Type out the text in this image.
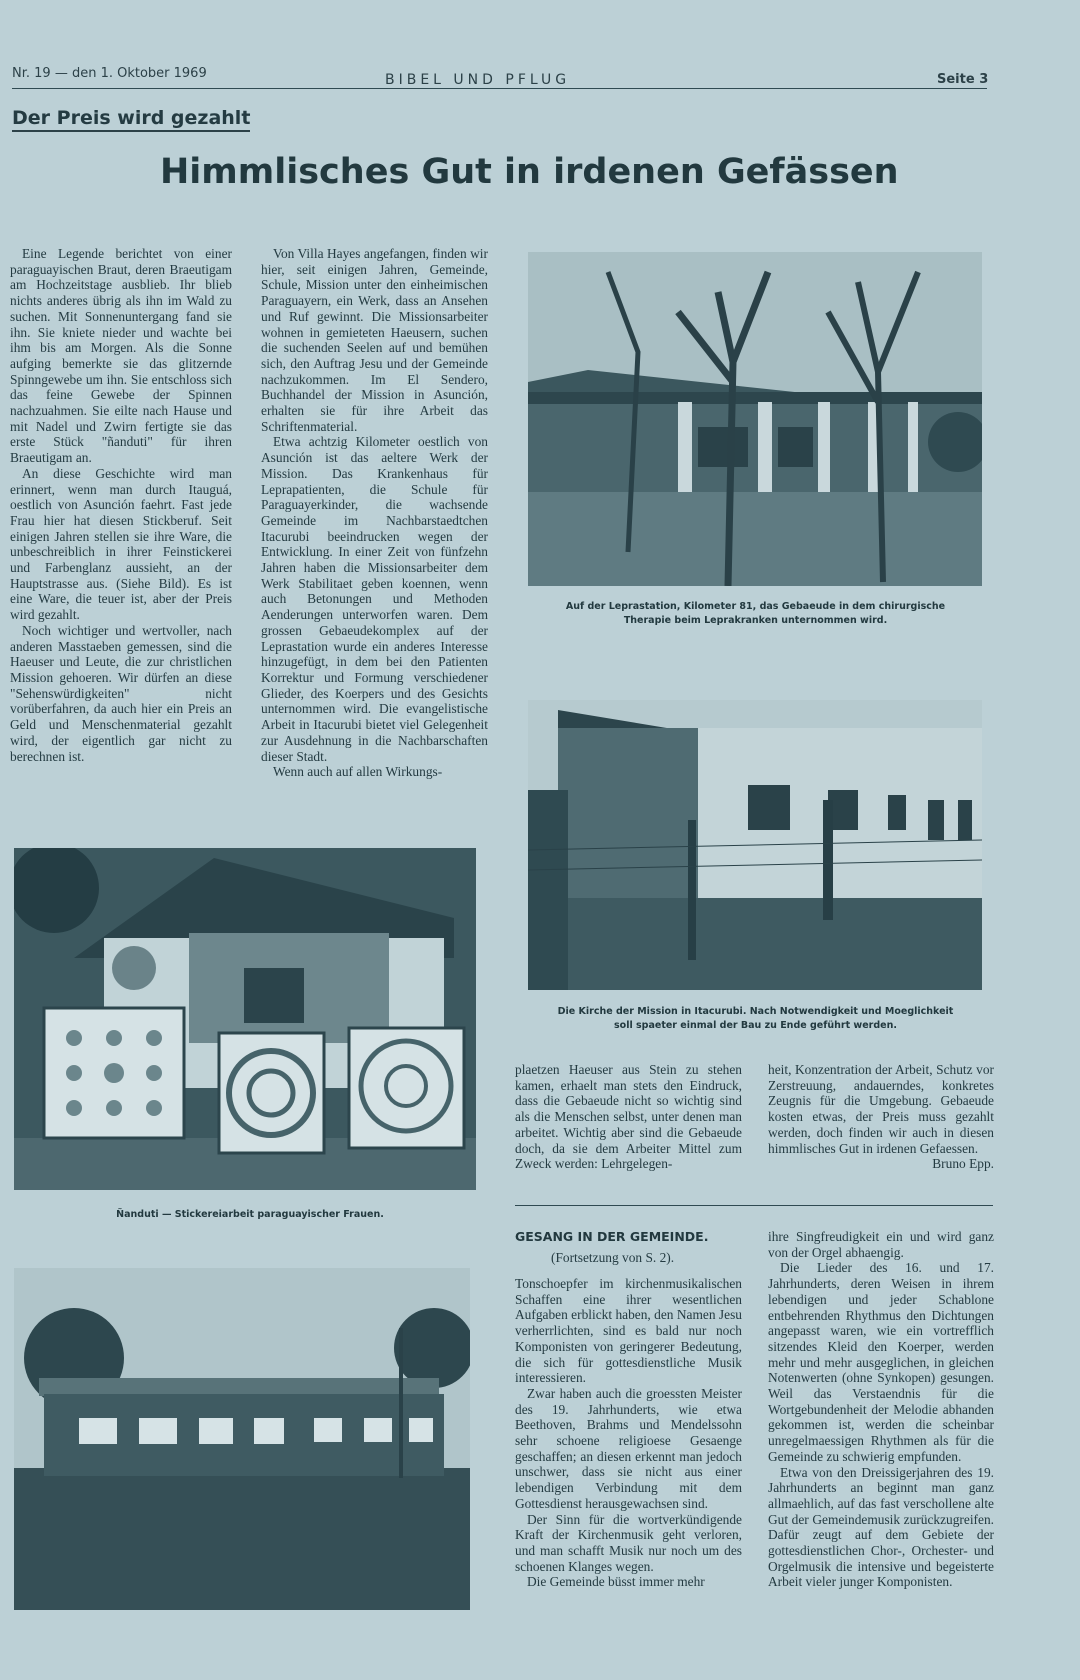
Nr. 19 — den 1. Oktober 1969	BIBEL UND PFLUG	Seite 3
Der Preis wird gezahlt
Himmlisches Gut in irdenen Gefässen

Eine Legende berichtet von einer paraguayischen Braut, deren Braeutigam am Hochzeitstage ausblieb. Ihr blieb nichts anderes übrig als ihn im Wald zu suchen. Mit Sonnenuntergang fand sie ihn. Sie kniete nieder und wachte bei ihm bis am Morgen. Als die Sonne aufging bemerkte sie das glitzernde Spinngewebe um ihn. Sie entschloss sich das feine Gewebe der Spinnen nachzuahmen. Sie eilte nach Hause und mit Nadel und Zwirn fertigte sie das erste Stück "ñanduti" für ihren Braeutigam an.

An diese Geschichte wird man erinnert, wenn man durch Itauguá, oestlich von Asunción faehrt. Fast jede Frau hier hat diesen Stickberuf. Seit einigen Jahren stellen sie ihre Ware, die unbeschreiblich in ihrer Feinstickerei und Farbenglanz aussieht, an der Hauptstrasse aus. (Siehe Bild). Es ist eine Ware, die teuer ist, aber der Preis wird gezahlt.

Noch wichtiger und wertvoller, nach anderen Masstaeben gemessen, sind die Haeuser und Leute, die zur christlichen Mission gehoeren. Wir dürfen an diese "Sehenswürdigkeiten" nicht vorüberfahren, da auch hier ein Preis an Geld und Menschenmaterial gezahlt wird, der eigentlich gar nicht zu berechnen ist.

Von Villa Hayes angefangen, finden wir hier, seit einigen Jahren, Gemeinde, Schule, Mission unter den einheimischen Paraguayern, ein Werk, dass an Ansehen und Ruf gewinnt. Die Missionsarbeiter wohnen in gemieteten Haeusern, suchen die suchenden Seelen auf und bemühen sich, den Auftrag Jesu und der Gemeinde nachzukommen. Im El Sendero, Buchhandel der Mission in Asunción, erhalten sie für ihre Arbeit das Schriftenmaterial.

Etwa achtzig Kilometer oestlich von Asunción ist das aeltere Werk der Mission. Das Krankenhaus für Leprapatienten, die Schule für Paraguayerkinder, die wachsende Gemeinde im Nachbarstaedtchen Itacurubi beeindrucken wegen der Entwicklung. In einer Zeit von fünfzehn Jahren haben die Missionsarbeiter dem Werk Stabilitaet geben koennen, wenn auch Betonungen und Methoden Aenderungen unterworfen waren. Dem grossen Gebaeudekomplex auf der Leprastation wurde ein anderes Interesse hinzugefügt, in dem bei den Patienten Korrektur und Formung verschiedener Glieder, des Koerpers und des Gesichts unternommen wird. Die evangelistische Arbeit in Itacurubi bietet viel Gelegenheit zur Ausdehnung in die Nachbarschaften dieser Stadt.

Wenn auch auf allen Wirkungs-

Auf der Leprastation, Kilometer 81, das Gebaeude in dem chirurgische Therapie beim Leprakranken unternommen wird.
Die Kirche der Mission in Itacurubi. Nach Notwendigkeit und Moeglichkeit soll spaeter einmal der Bau zu Ende geführt werden.
Ñanduti — Stickereiarbeit paraguayischer Frauen.

plaetzen Haeuser aus Stein zu stehen kamen, erhaelt man stets den Eindruck, dass die Gebaeude nicht so wichtig sind als die Menschen selbst, unter denen man arbeitet. Wichtig aber sind die Gebaeude doch, da sie dem Arbeiter Mittel zum Zweck werden: Lehrgelegen-

heit, Konzentration der Arbeit, Schutz vor Zerstreuung, andauerndes, konkretes Zeugnis für die Umgebung. Gebaeude kosten etwas, der Preis muss gezahlt werden, doch finden wir auch in diesen himmlisches Gut in irdenen Gefaessen.

Bruno Epp.
GESANG IN DER GEMEINDE.
(Fortsetzung von S. 2).

Tonschoepfer im kirchenmusikalischen Schaffen eine ihrer wesentlichen Aufgaben erblickt haben, den Namen Jesu verherrlichten, sind es bald nur noch Komponisten von geringerer Bedeutung, die sich für gottesdienstliche Musik interessieren.

Zwar haben auch die groessten Meister des 19. Jahrhunderts, wie etwa Beethoven, Brahms und Mendelssohn sehr schoene religioese Gesaenge geschaffen; an diesen erkennt man jedoch unschwer, dass sie nicht aus einer lebendigen Verbindung mit dem Gottesdienst herausgewachsen sind.

Der Sinn für die wortverkündigende Kraft der Kirchenmusik geht verloren, und man schafft Musik nur noch um des schoenen Klanges wegen.

Die Gemeinde büsst immer mehr

ihre Singfreudigkeit ein und wird ganz von der Orgel abhaengig.

Die Lieder des 16. und 17. Jahrhunderts, deren Weisen in ihrem lebendigen und jeder Schablone entbehrenden Rhythmus den Dichtungen angepasst waren, wie ein vortrefflich sitzendes Kleid den Koerper, werden mehr und mehr ausgeglichen, in gleichen Notenwerten (ohne Synkopen) gesungen. Weil das Verstaendnis für die Wortgebundenheit der Melodie abhanden gekommen ist, werden die scheinbar unregelmaessigen Rhythmen als für die Gemeinde zu schwierig empfunden.

Etwa von den Dreissigerjahren des 19. Jahrhunderts an beginnt man ganz allmaehlich, auf das fast verschollene alte Gut der Gemeindemusik zurückzugreifen. Dafür zeugt auf dem Gebiete der gottesdienstlichen Chor-, Orchester- und Orgelmusik die intensive und begeisterte Arbeit vieler junger Komponisten.
